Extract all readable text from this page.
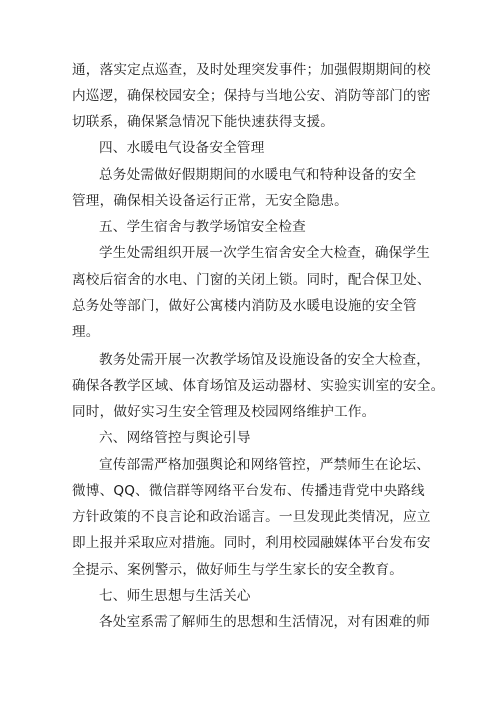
通，落实定点巡查，及时处理突发事件；加强假期期间的校
内巡逻，确保校园安全；保持与当地公安、消防等部门的密
切联系，确保紧急情况下能快速获得支援。
四、水暖电气设备安全管理
总务处需做好假期期间的水暖电气和特种设备的安全
管理，确保相关设备运行正常，无安全隐患。
五、学生宿舍与教学场馆安全检查
学生处需组织开展一次学生宿舍安全大检查，确保学生
离校后宿舍的水电、门窗的关闭上锁。同时，配合保卫处、
总务处等部门，做好公寓楼内消防及水暖电设施的安全管
理。
教务处需开展一次教学场馆及设施设备的安全大检查，
确保各教学区域、体育场馆及运动器材、实验实训室的安全。
同时，做好实习生安全管理及校园网络维护工作。
六、网络管控与舆论引导
宣传部需严格加强舆论和网络管控，严禁师生在论坛、
微博、QQ、微信群等网络平台发布、传播违背党中央路线
方针政策的不良言论和政治谣言。一旦发现此类情况，应立
即上报并采取应对措施。同时，利用校园融媒体平台发布安
全提示、案例警示，做好师生与学生家长的安全教育。
七、师生思想与生活关心
各处室系需了解师生的思想和生活情况，对有困难的师
